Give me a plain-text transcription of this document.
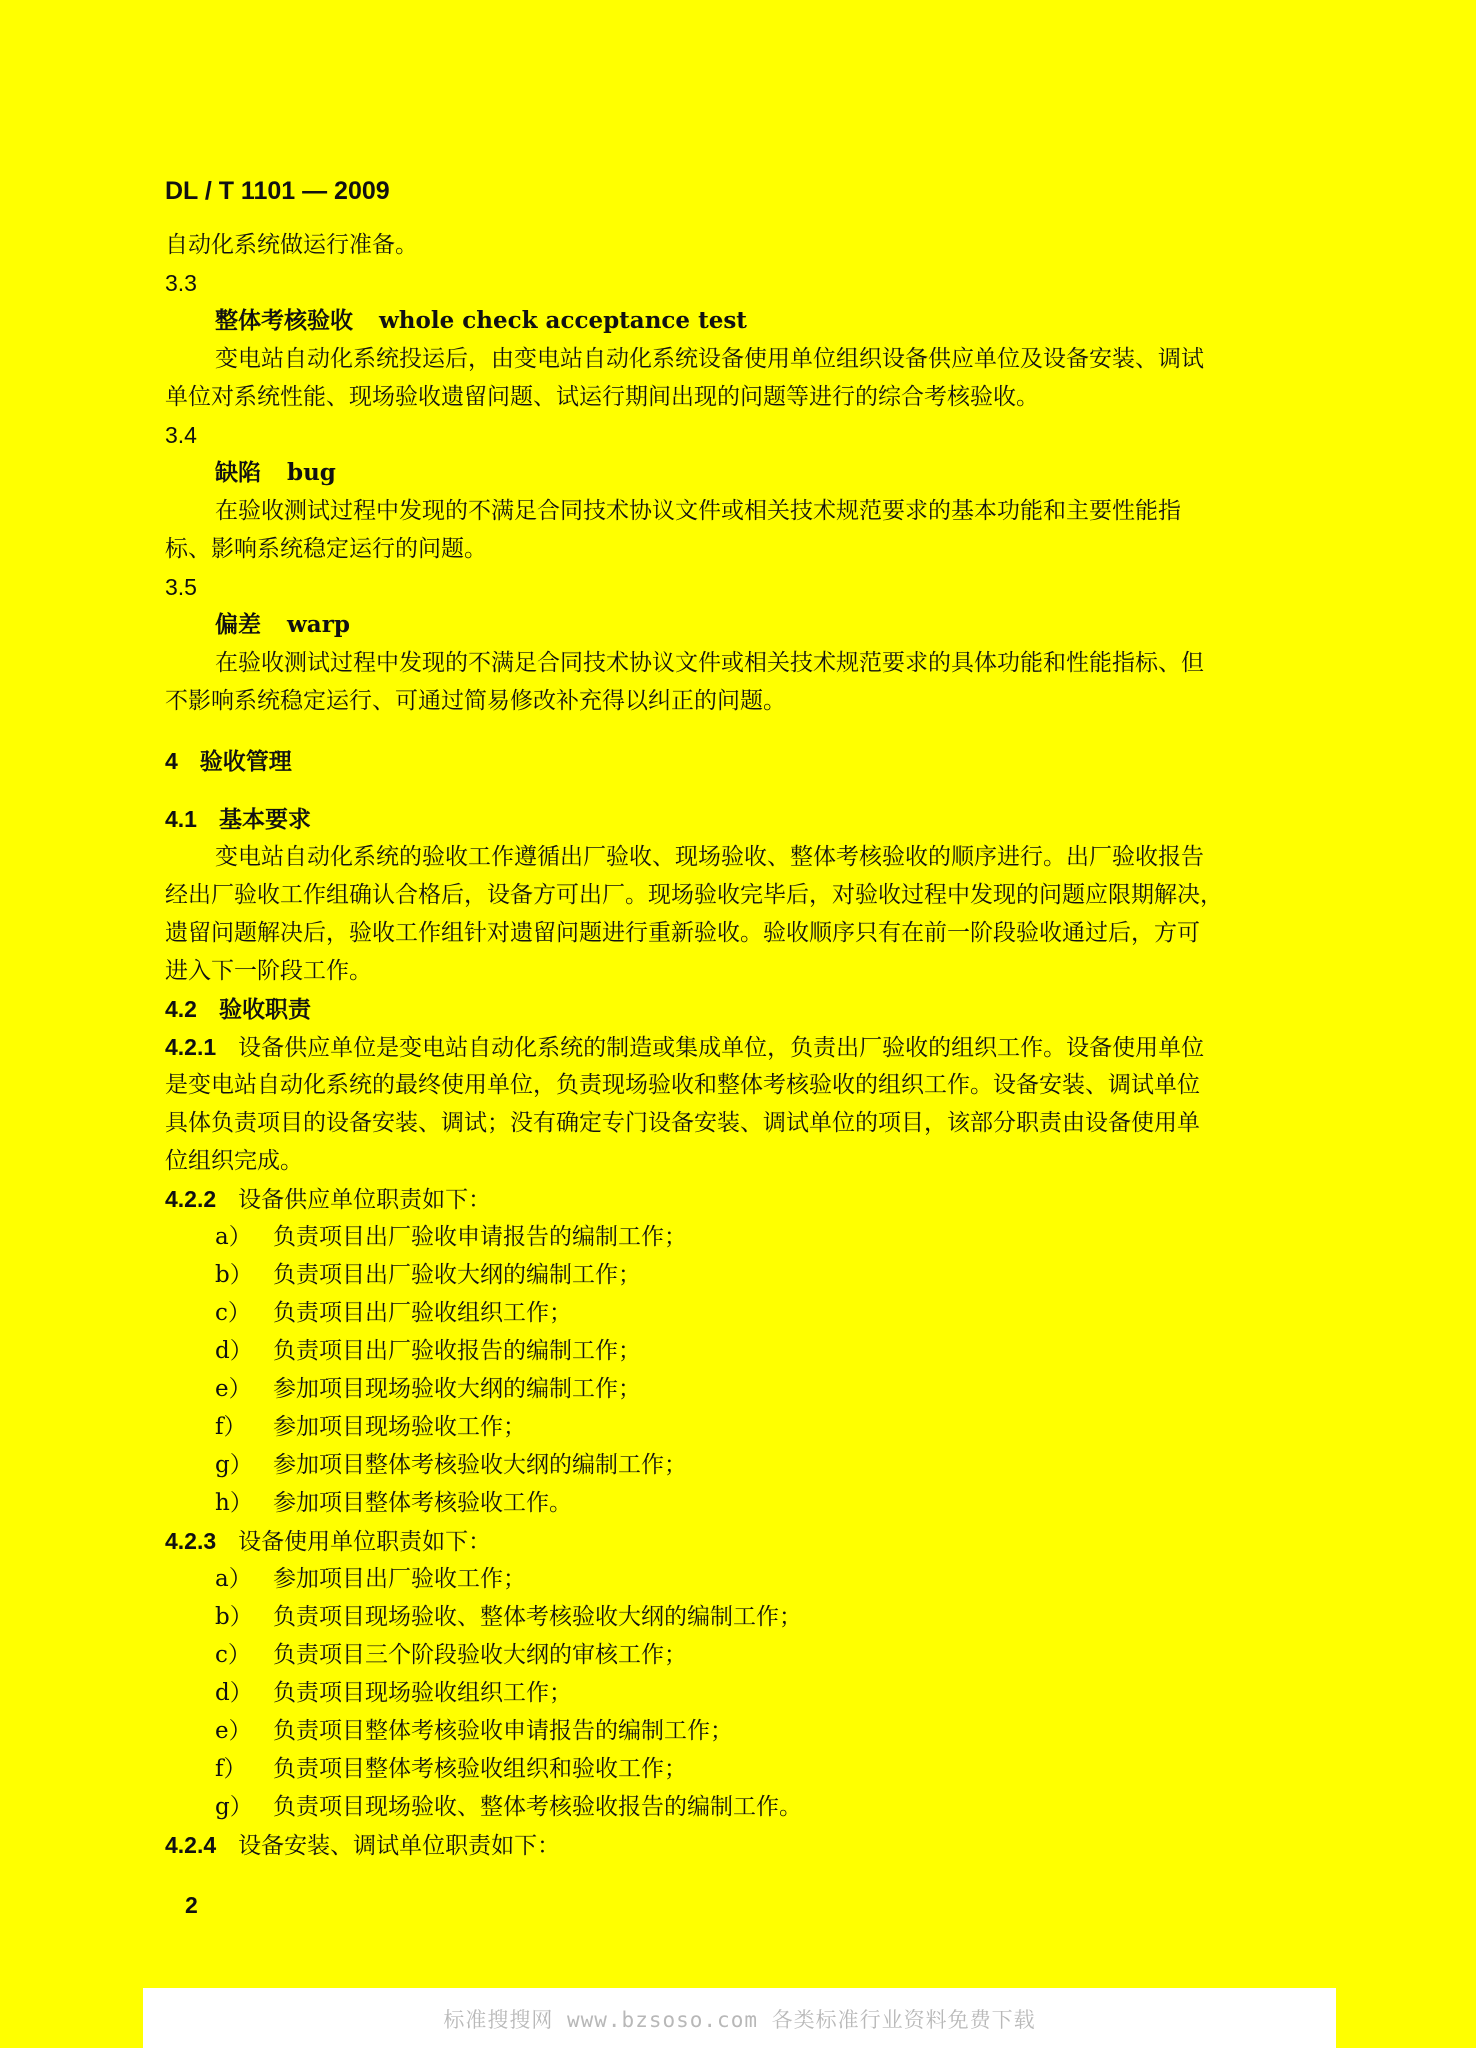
DL / T 1101 — 2009

自动化系统做运行准备。

3.3

整体考核验收 whole check acceptance test

变电站自动化系统投运后，由变电站自动化系统设备使用单位组织设备供应单位及设备安装、调试

单位对系统性能、现场验收遗留问题、试运行期间出现的问题等进行的综合考核验收。

3.4

缺陷 bug

在验收测试过程中发现的不满足合同技术协议文件或相关技术规范要求的基本功能和主要性能指

标、影响系统稳定运行的问题。

3.5

偏差 warp

在验收测试过程中发现的不满足合同技术协议文件或相关技术规范要求的具体功能和性能指标、但

不影响系统稳定运行、可通过简易修改补充得以纠正的问题。

4 验收管理

4.1 基本要求

变电站自动化系统的验收工作遵循出厂验收、现场验收、整体考核验收的顺序进行。出厂验收报告

经出厂验收工作组确认合格后，设备方可出厂。现场验收完毕后，对验收过程中发现的问题应限期解决，

遗留问题解决后，验收工作组针对遗留问题进行重新验收。验收顺序只有在前一阶段验收通过后，方可

进入下一阶段工作。

4.2 验收职责

4.2.1 设备供应单位是变电站自动化系统的制造或集成单位，负责出厂验收的组织工作。设备使用单位

是变电站自动化系统的最终使用单位，负责现场验收和整体考核验收的组织工作。设备安装、调试单位

具体负责项目的设备安装、调试；没有确定专门设备安装、调试单位的项目，该部分职责由设备使用单

位组织完成。

4.2.2 设备供应单位职责如下：

a） 负责项目出厂验收申请报告的编制工作；

b） 负责项目出厂验收大纲的编制工作；

c） 负责项目出厂验收组织工作；

d） 负责项目出厂验收报告的编制工作；

e） 参加项目现场验收大纲的编制工作；

f） 参加项目现场验收工作；

g） 参加项目整体考核验收大纲的编制工作；

h） 参加项目整体考核验收工作。

4.2.3 设备使用单位职责如下：

a） 参加项目出厂验收工作；

b） 负责项目现场验收、整体考核验收大纲的编制工作；

c） 负责项目三个阶段验收大纲的审核工作；

d） 负责项目现场验收组织工作；

e） 负责项目整体考核验收申请报告的编制工作；

f） 负责项目整体考核验收组织和验收工作；

g） 负责项目现场验收、整体考核验收报告的编制工作。

4.2.4 设备安装、调试单位职责如下：

2

标准搜搜网 www.bzsoso.com 各类标准行业资料免费下载
